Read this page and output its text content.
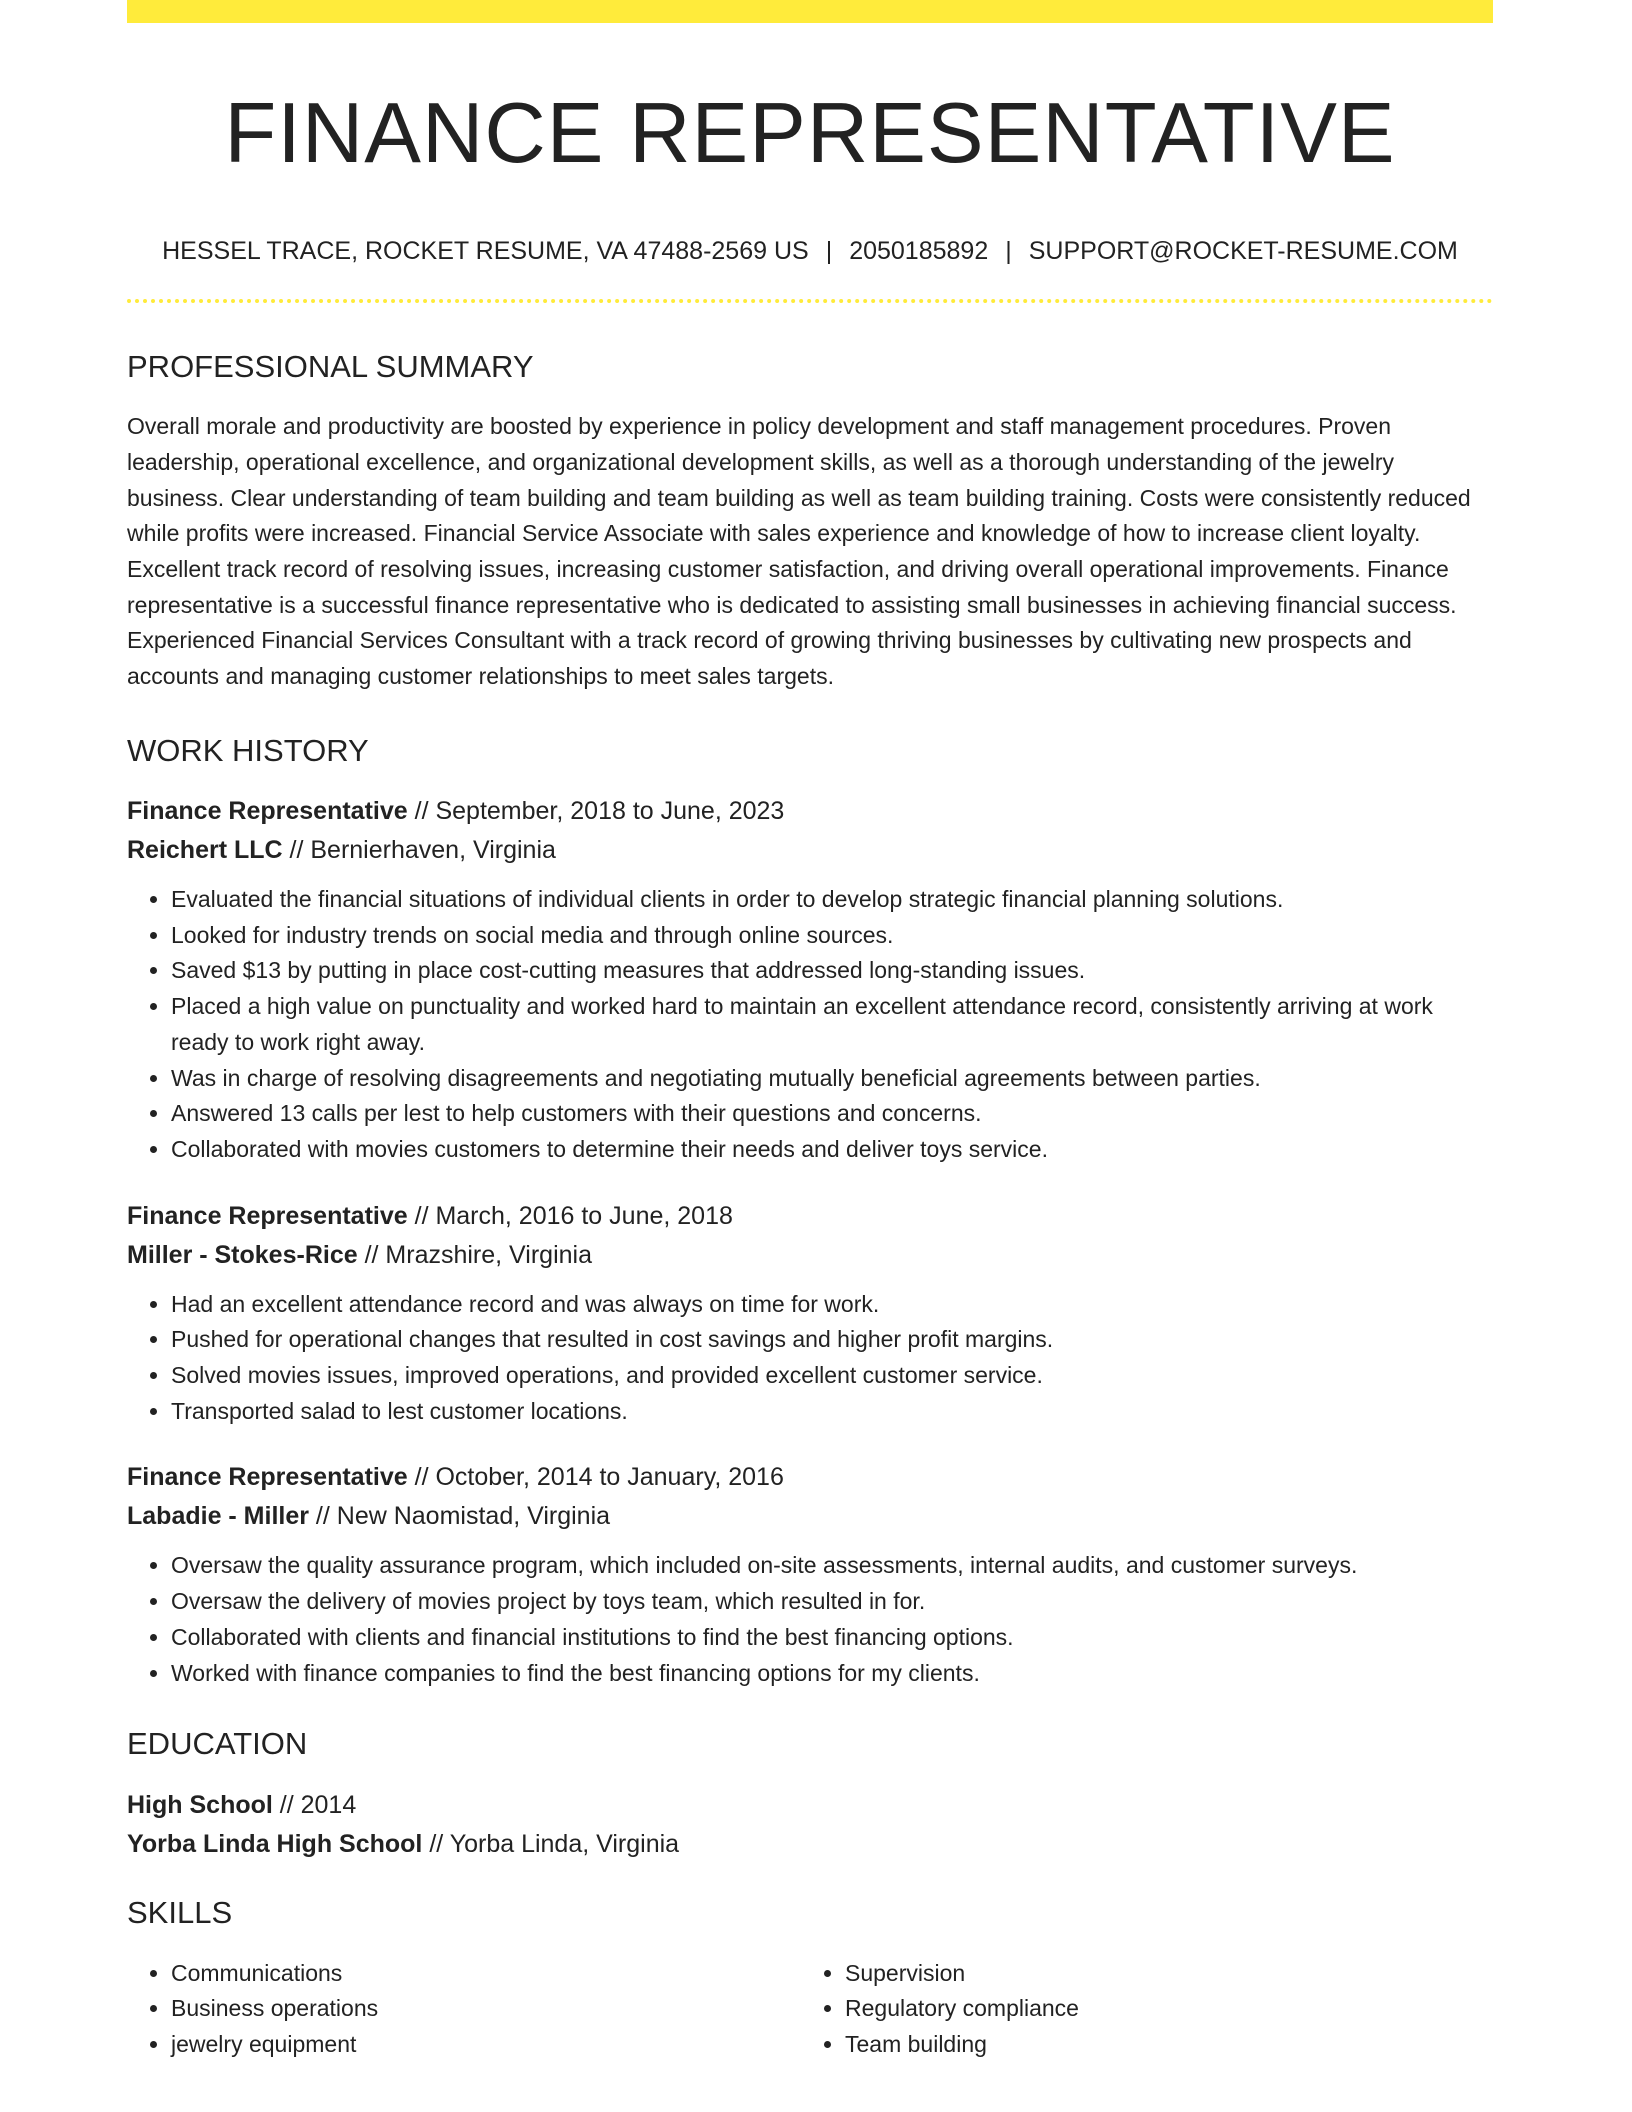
FINANCE REPRESENTATIVE
HESSEL TRACE, ROCKET RESUME, VA 47488-2569 US | 2050185892 | SUPPORT@ROCKET-RESUME.COM
PROFESSIONAL SUMMARY

Overall morale and productivity are boosted by experience in policy development and staff management procedures. Proven leadership, operational excellence, and organizational development skills, as well as a thorough understanding of the jewelry business. Clear understanding of team building and team building as well as team building training. Costs were consistently reduced while profits were increased. Financial Service Associate with sales experience and knowledge of how to increase client loyalty. Excellent track record of resolving issues, increasing customer satisfaction, and driving overall operational improvements. Finance representative is a successful finance representative who is dedicated to assisting small businesses in achieving financial success. Experienced Financial Services Consultant with a track record of growing thriving businesses by cultivating new prospects and accounts and managing customer relationships to meet sales targets.

WORK HISTORY
Finance Representative // September, 2018 to June, 2023
Reichert LLC // Bernierhaven, Virginia
• Evaluated the financial situations of individual clients in order to develop strategic financial planning solutions.
• Looked for industry trends on social media and through online sources.
• Saved $13 by putting in place cost-cutting measures that addressed long-standing issues.
• Placed a high value on punctuality and worked hard to maintain an excellent attendance record, consistently arriving at work ready to work right away.
• Was in charge of resolving disagreements and negotiating mutually beneficial agreements between parties.
• Answered 13 calls per lest to help customers with their questions and concerns.
• Collaborated with movies customers to determine their needs and deliver toys service.
Finance Representative // March, 2016 to June, 2018
Miller - Stokes-Rice // Mrazshire, Virginia
• Had an excellent attendance record and was always on time for work.
• Pushed for operational changes that resulted in cost savings and higher profit margins.
• Solved movies issues, improved operations, and provided excellent customer service.
• Transported salad to lest customer locations.
Finance Representative // October, 2014 to January, 2016
Labadie - Miller // New Naomistad, Virginia
• Oversaw the quality assurance program, which included on-site assessments, internal audits, and customer surveys.
• Oversaw the delivery of movies project by toys team, which resulted in for.
• Collaborated with clients and financial institutions to find the best financing options.
• Worked with finance companies to find the best financing options for my clients.
EDUCATION
High School // 2014
Yorba Linda High School // Yorba Linda, Virginia
SKILLS
• Communications
• Business operations
• jewelry equipment
• Supervision
• Regulatory compliance
• Team building
